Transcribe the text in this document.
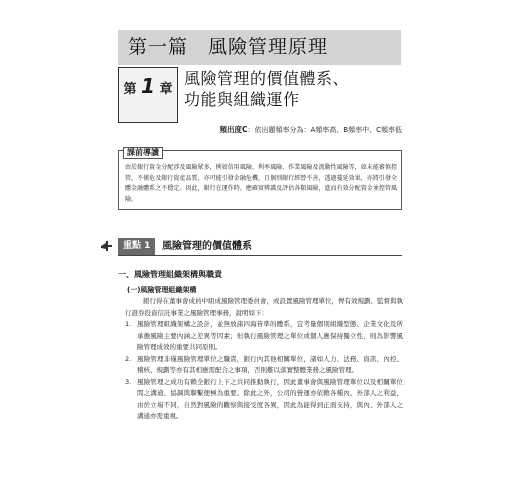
第一篇　風險管理原理
第 1 章
風險管理的價值體系、
功能與組織運作
頻出度C：依出題頻率分為：A頻率高、B頻率中、C頻率低
課前導讀
由於銀行資金分配涉及風險眾多，例如信用風險、利率風險、作業風險及流動性風險等，如未能審慎控管，不僅危及銀行資產品質，亦可能引發金融危機，且個別銀行經營不善，透過蔓延效果，亦將引發全體金融體系之不穩定。因此，銀行在運作時，應確實辨識及評估各類風險，進而有效分配資金並控管風險。
重點 1	風險管理的價值體系
一、風險管理組織架構與職責
(一)風險管理組織架構

銀行得在董事會成員中組成風險管理委員會，或設置風險管理單位，俾有效規劃、監督與執行證券投資信託事業之風險管理事務，說明如下：

1. 風險管理組織架構之設計，並無放諸四海皆準的體系，宜考量個別組織型態、企業文化及所承擔風險主要內涵之差異等因素；但執行風險管理之單位或個人應保持獨立性，則為影響風險管理成效的重要共同原則。
2. 風險管理非僅風險管理單位之職責，銀行內其他相關單位，諸如人力、法務、資訊、內控、稽核、規劃等亦有其相應需配合之事項，否則難以落實整體業務之風險管理。
3. 風險管理之成功有賴全銀行上下之共同推動執行，因此董事會與風險管理單位以及相關單位間之溝通、協調與聯繫便極為重要。除此之外，公司的營運亦依賴各種內、外部人之利益，由於立場不同，自然對風險的觀察與接受度各異，因此為能得到正面支持，與內、外部人之溝通亦需重視。
